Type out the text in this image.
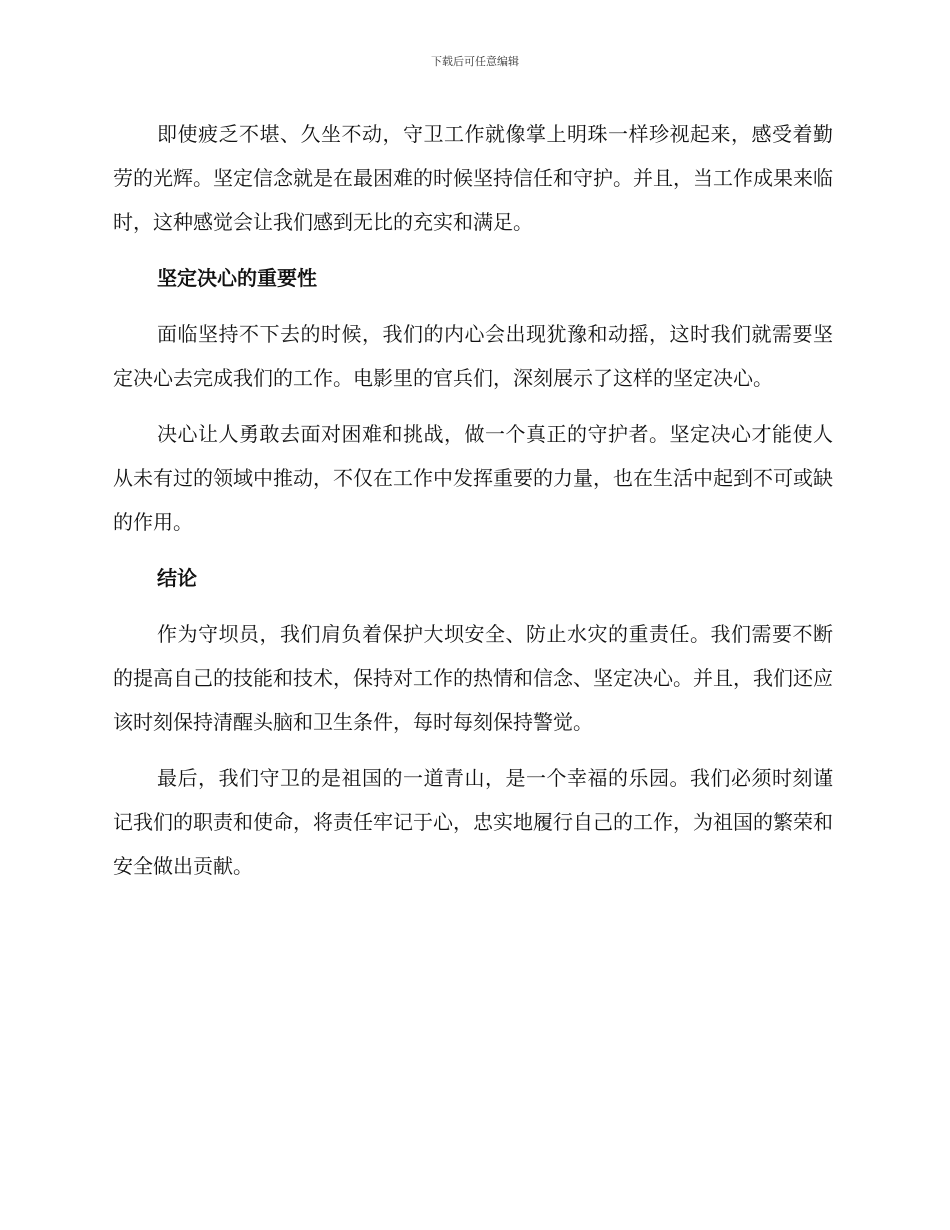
下载后可任意编辑

即使疲乏不堪、久坐不动，守卫工作就像掌上明珠一样珍视起来，感受着勤劳的光辉。坚定信念就是在最困难的时候坚持信任和守护。并且，当工作成果来临时，这种感觉会让我们感到无比的充实和满足。

坚定决心的重要性

面临坚持不下去的时候，我们的内心会出现犹豫和动摇，这时我们就需要坚定决心去完成我们的工作。电影里的官兵们，深刻展示了这样的坚定决心。

决心让人勇敢去面对困难和挑战，做一个真正的守护者。坚定决心才能使人从未有过的领域中推动，不仅在工作中发挥重要的力量，也在生活中起到不可或缺的作用。

结论

作为守坝员，我们肩负着保护大坝安全、防止水灾的重责任。我们需要不断的提高自己的技能和技术，保持对工作的热情和信念、坚定决心。并且，我们还应该时刻保持清醒头脑和卫生条件，每时每刻保持警觉。

最后，我们守卫的是祖国的一道青山，是一个幸福的乐园。我们必须时刻谨记我们的职责和使命，将责任牢记于心，忠实地履行自己的工作，为祖国的繁荣和安全做出贡献。
